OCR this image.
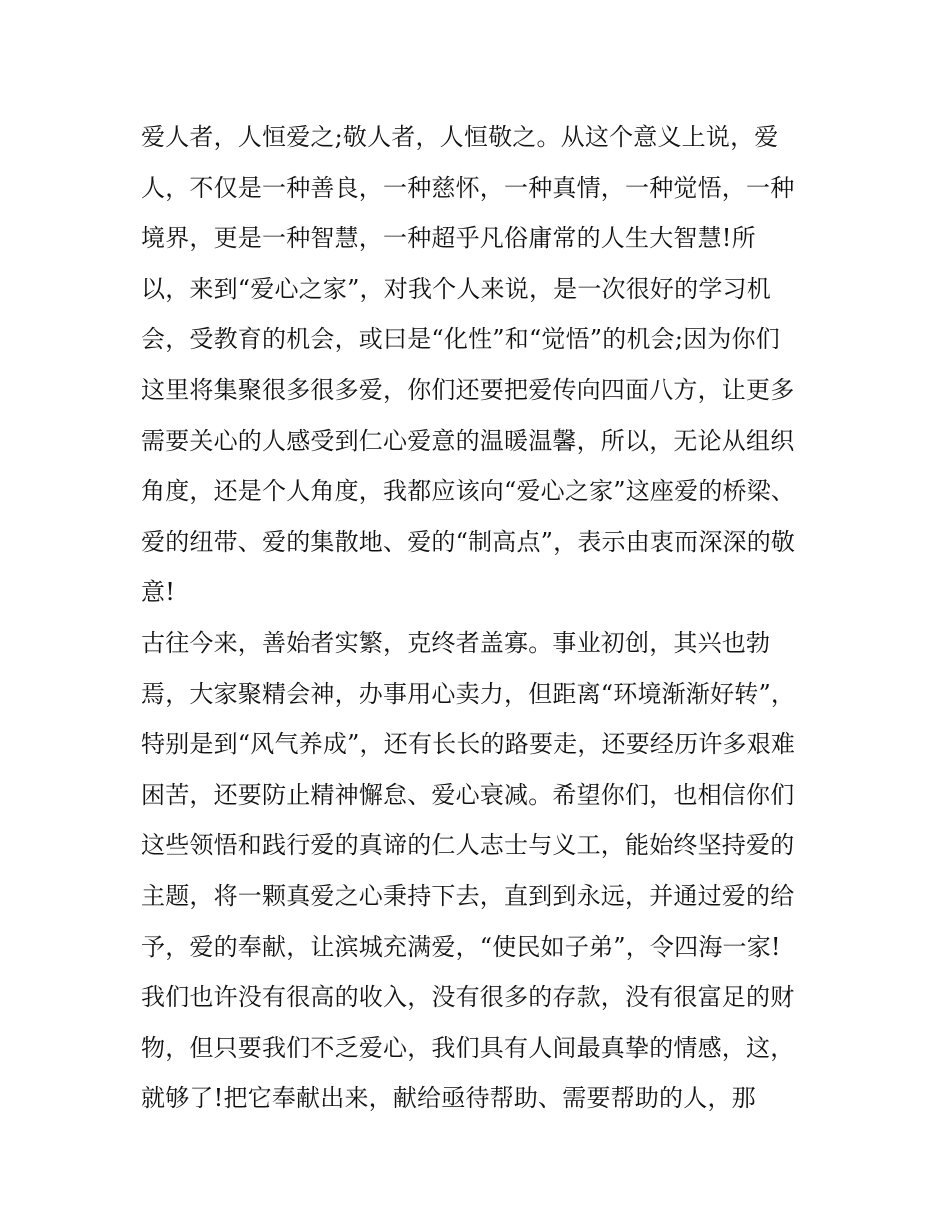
爱人者，人恒爱之;敬人者，人恒敬之。从这个意义上说，爱
人，不仅是一种善良，一种慈怀，一种真情，一种觉悟，一种
境界，更是一种智慧，一种超乎凡俗庸常的人生大智慧!所
以，来到“爱心之家”，对我个人来说，是一次很好的学习机
会，受教育的机会，或曰是“化性”和“觉悟”的机会;因为你们
这里将集聚很多很多爱，你们还要把爱传向四面八方，让更多
需要关心的人感受到仁心爱意的温暖温馨，所以，无论从组织
角度，还是个人角度，我都应该向“爱心之家”这座爱的桥梁、
爱的纽带、爱的集散地、爱的“制高点”，表示由衷而深深的敬
意!
古往今来，善始者实繁，克终者盖寡。事业初创，其兴也勃
焉，大家聚精会神，办事用心卖力，但距离“环境渐渐好转”，
特别是到“风气养成”，还有长长的路要走，还要经历许多艰难
困苦，还要防止精神懈怠、爱心衰减。希望你们，也相信你们
这些领悟和践行爱的真谛的仁人志士与义工，能始终坚持爱的
主题，将一颗真爱之心秉持下去，直到到永远，并通过爱的给
予，爱的奉献，让滨城充满爱，“使民如子弟”，令四海一家!
我们也许没有很高的收入，没有很多的存款，没有很富足的财
物，但只要我们不乏爱心，我们具有人间最真挚的情感，这，
就够了!把它奉献出来，献给亟待帮助、需要帮助的人，那
